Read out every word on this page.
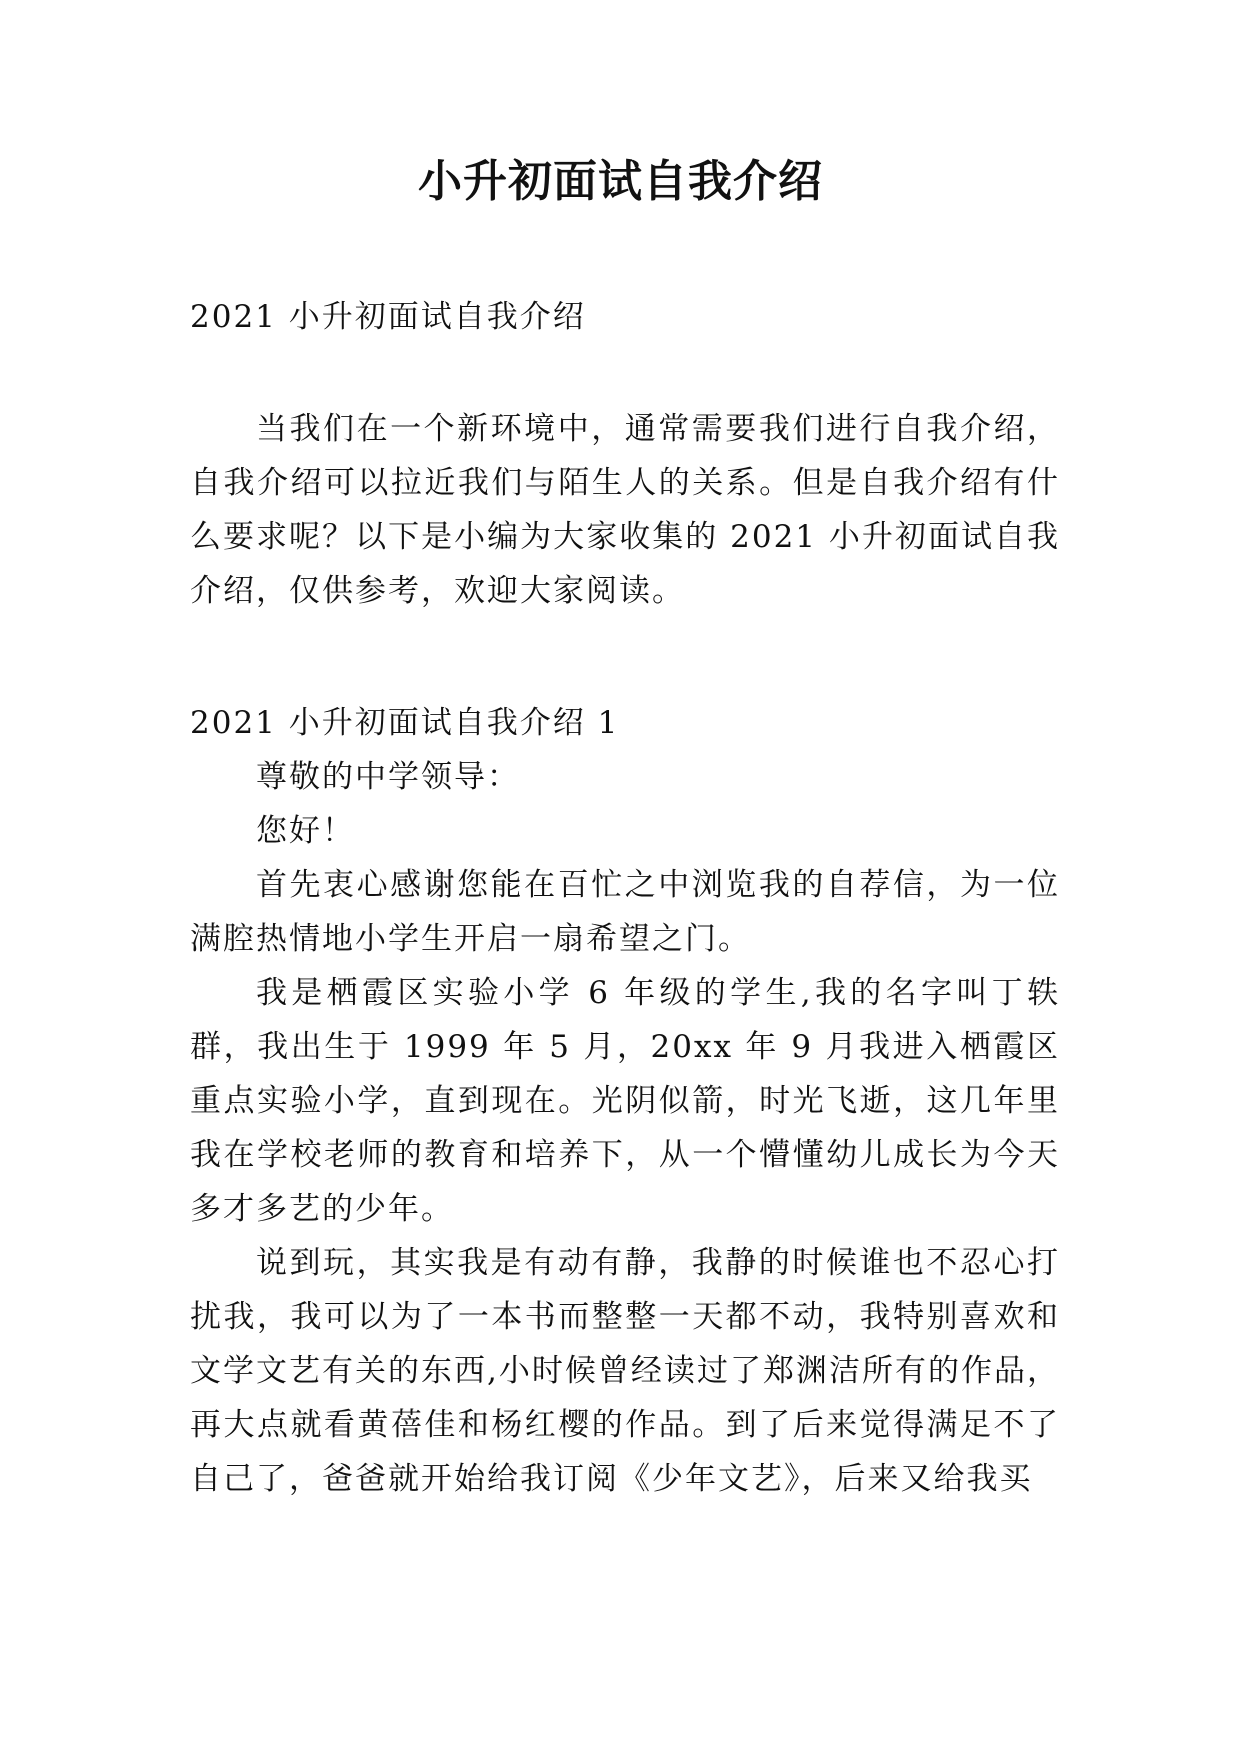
小升初面试自我介绍

2021 小升初面试自我介绍

当我们在一个新环境中，通常需要我们进行自我介绍，自我介绍可以拉近我们与陌生人的关系。但是自我介绍有什么要求呢？以下是小编为大家收集的 2021 小升初面试自我介绍，仅供参考，欢迎大家阅读。

2021 小升初面试自我介绍 1

尊敬的中学领导：

您好！

首先衷心感谢您能在百忙之中浏览我的自荐信，为一位满腔热情地小学生开启一扇希望之门。

我是栖霞区实验小学 6 年级的学生,我的名字叫丁轶群，我出生于 1999 年 5 月，20xx 年 9 月我进入栖霞区重点实验小学，直到现在。光阴似箭，时光飞逝，这几年里我在学校老师的教育和培养下，从一个懵懂幼儿成长为今天多才多艺的少年。

说到玩，其实我是有动有静，我静的时候谁也不忍心打扰我，我可以为了一本书而整整一天都不动，我特别喜欢和文学文艺有关的东西,小时候曾经读过了郑渊洁所有的作品，再大点就看黄蓓佳和杨红樱的作品。到了后来觉得满足不了自己了，爸爸就开始给我订阅《少年文艺》，后来又给我买
